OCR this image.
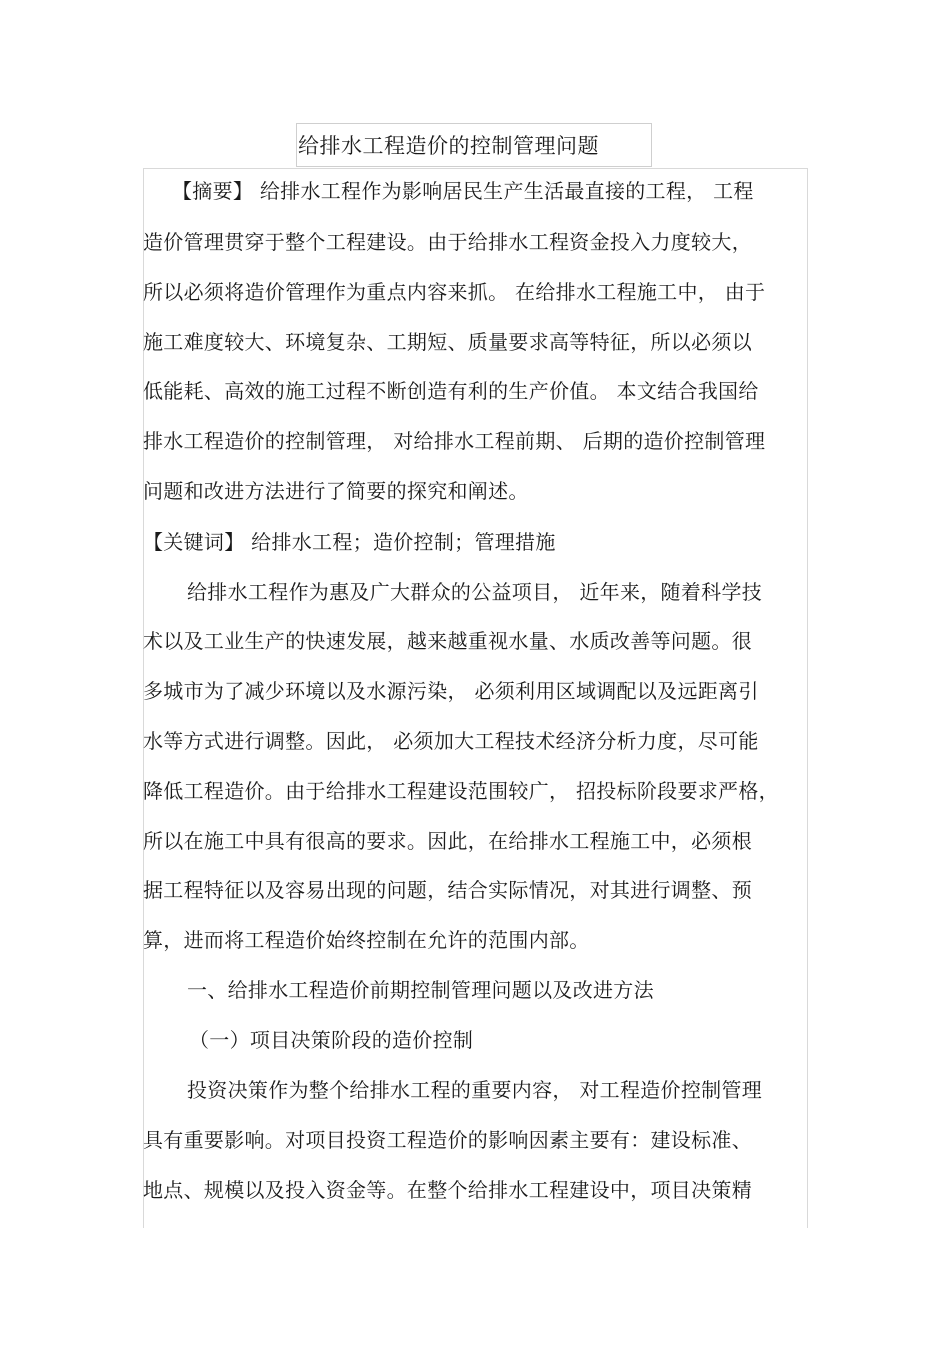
给排水工程造价的控制管理问题
【摘要】 给排水工程作为影响居民生产生活最直接的工程， 工程
造价管理贯穿于整个工程建设。由于给排水工程资金投入力度较大，
所以必须将造价管理作为重点内容来抓。 在给排水工程施工中， 由于
施工难度较大、环境复杂、工期短、质量要求高等特征，所以必须以
低能耗、高效的施工过程不断创造有利的生产价值。 本文结合我国给
排水工程造价的控制管理， 对给排水工程前期、 后期的造价控制管理
问题和改进方法进行了简要的探究和阐述。
【关键词】 给排水工程；造价控制；管理措施
给排水工程作为惠及广大群众的公益项目， 近年来，随着科学技
术以及工业生产的快速发展，越来越重视水量、水质改善等问题。很
多城市为了减少环境以及水源污染， 必须利用区域调配以及远距离引
水等方式进行调整。因此， 必须加大工程技术经济分析力度，尽可能
降低工程造价。由于给排水工程建设范围较广， 招投标阶段要求严格，
所以在施工中具有很高的要求。因此，在给排水工程施工中，必须根
据工程特征以及容易出现的问题，结合实际情况，对其进行调整、预
算，进而将工程造价始终控制在允许的范围内部。
一、给排水工程造价前期控制管理问题以及改进方法
（一）项目决策阶段的造价控制
投资决策作为整个给排水工程的重要内容， 对工程造价控制管理
具有重要影响。对项目投资工程造价的影响因素主要有：建设标准、
地点、规模以及投入资金等。在整个给排水工程建设中，项目决策精
